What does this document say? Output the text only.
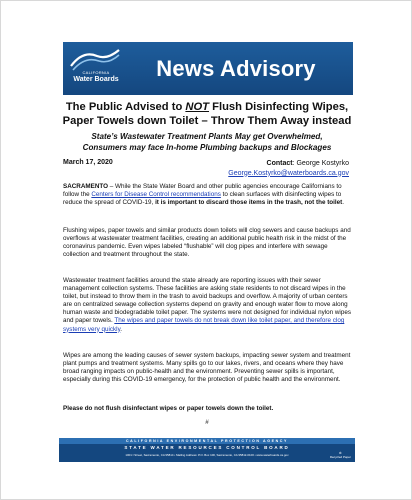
CALIFORNIA
Water Boards	News Advisory
The Public Advised to NOT Flush Disinfecting Wipes,
Paper Towels down Toilet – Throw Them Away instead
State’s Wastewater Treatment Plants May get Overwhelmed,
Consumers may face In-home Plumbing backups and Blockages
March 17, 2020	Contact: George Kostyrko
George.Kostyrko@waterboards.ca.gov
SACRAMENTO – While the State Water Board and other public agencies encourage Californians to follow the Centers for Disease Control recommendations to clean surfaces with disinfecting wipes to reduce the spread of COVID-19, it is important to discard those items in the trash, not the toilet.
Flushing wipes, paper towels and similar products down toilets will clog sewers and cause backups and overflows at wastewater treatment facilities, creating an additional public health risk in the midst of the coronavirus pandemic. Even wipes labeled “flushable” will clog pipes and interfere with sewage collection and treatment throughout the state.
Wastewater treatment facilities around the state already are reporting issues with their sewer management collection systems. These facilities are asking state residents to not discard wipes in the toilet, but instead to throw them in the trash to avoid backups and overflow. A majority of urban centers are on centralized sewage collection systems depend on gravity and enough water flow to move along human waste and biodegradable toilet paper. The systems were not designed for individual nylon wipes and paper towels. The wipes and paper towels do not break down like toilet paper, and therefore clog systems very quickly.
Wipes are among the leading causes of sewer system backups, impacting sewer system and treatment plant pumps and treatment systems. Many spills go to our lakes, rivers, and oceans where they have broad ranging impacts on public-health and the environment. Preventing sewer spills is important, especially during this COVID-19 emergency, for the protection of public health and the environment.
Please do not flush disinfectant wipes or paper towels down the toilet.
#
CALIFORNIA ENVIRONMENTAL PROTECTION AGENCY
STATE WATER RESOURCES CONTROL BOARD
1001 I Street, Sacramento, CA 95814 • Mailing Address: P.O. Box 100, Sacramento, CA 95812-0100 • www.waterboards.ca.gov	♻
Recycled Paper
